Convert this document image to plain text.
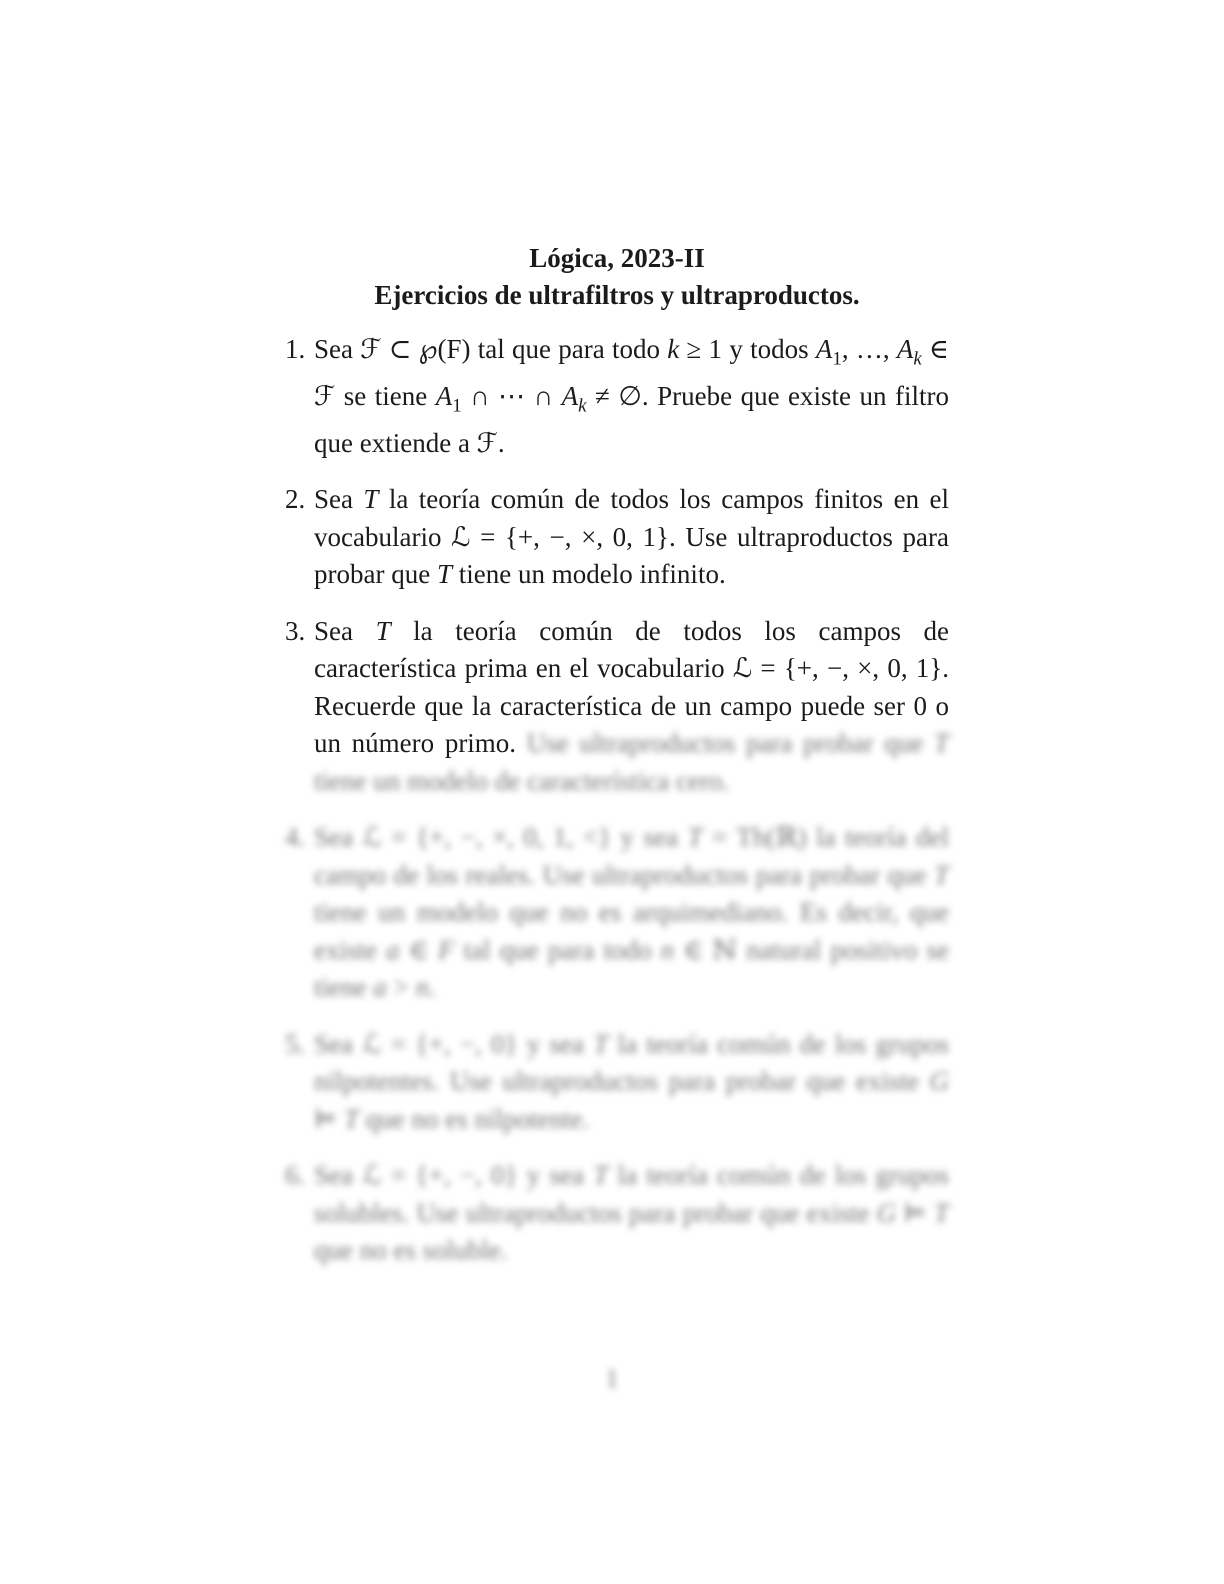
Lógica, 2023-II
Ejercicios de ultrafiltros y ultraproductos.
1. Sea ℱ ⊂ ℘(F) tal que para todo k ≥ 1 y todos $A_1$, …, $A_k$ ∈ ℱ se tiene $A_1$ ∩ ⋯ ∩ $A_k$ ≠ ∅. Pruebe que existe un filtro que extiende a ℱ.
2. Sea T la teoría común de todos los campos finitos en el vocabulario ℒ = {+, −, ×, 0, 1}. Use ultraproductos para probar que T tiene un modelo infinito.
3. Sea T la teoría común de todos los campos de característica prima en el vocabulario ℒ = {+, −, ×, 0, 1}. Recuerde que la característica de un campo puede ser 0 o un número primo. Use ultraproductos para probar que T tiene un modelo de característica cero.
4. Sea ℒ = {+, −, ×, 0, 1, <} y sea T = Th(ℝ) la teoría del campo de los reales. Use ultraproductos para probar que T tiene un modelo que no es arquimediano. Es decir, que existe a ∈ F tal que para todo n ∈ ℕ natural positivo se tiene a > n.
5. Sea ℒ = {+, −, 0} y sea T la teoría común de los grupos nilpotentes. Use ultraproductos para probar que existe G ⊨ T que no es nilpotente.
6. Sea ℒ = {+, −, 0} y sea T la teoría común de los grupos solubles. Use ultraproductos para probar que existe G ⊨ T que no es soluble.
1
